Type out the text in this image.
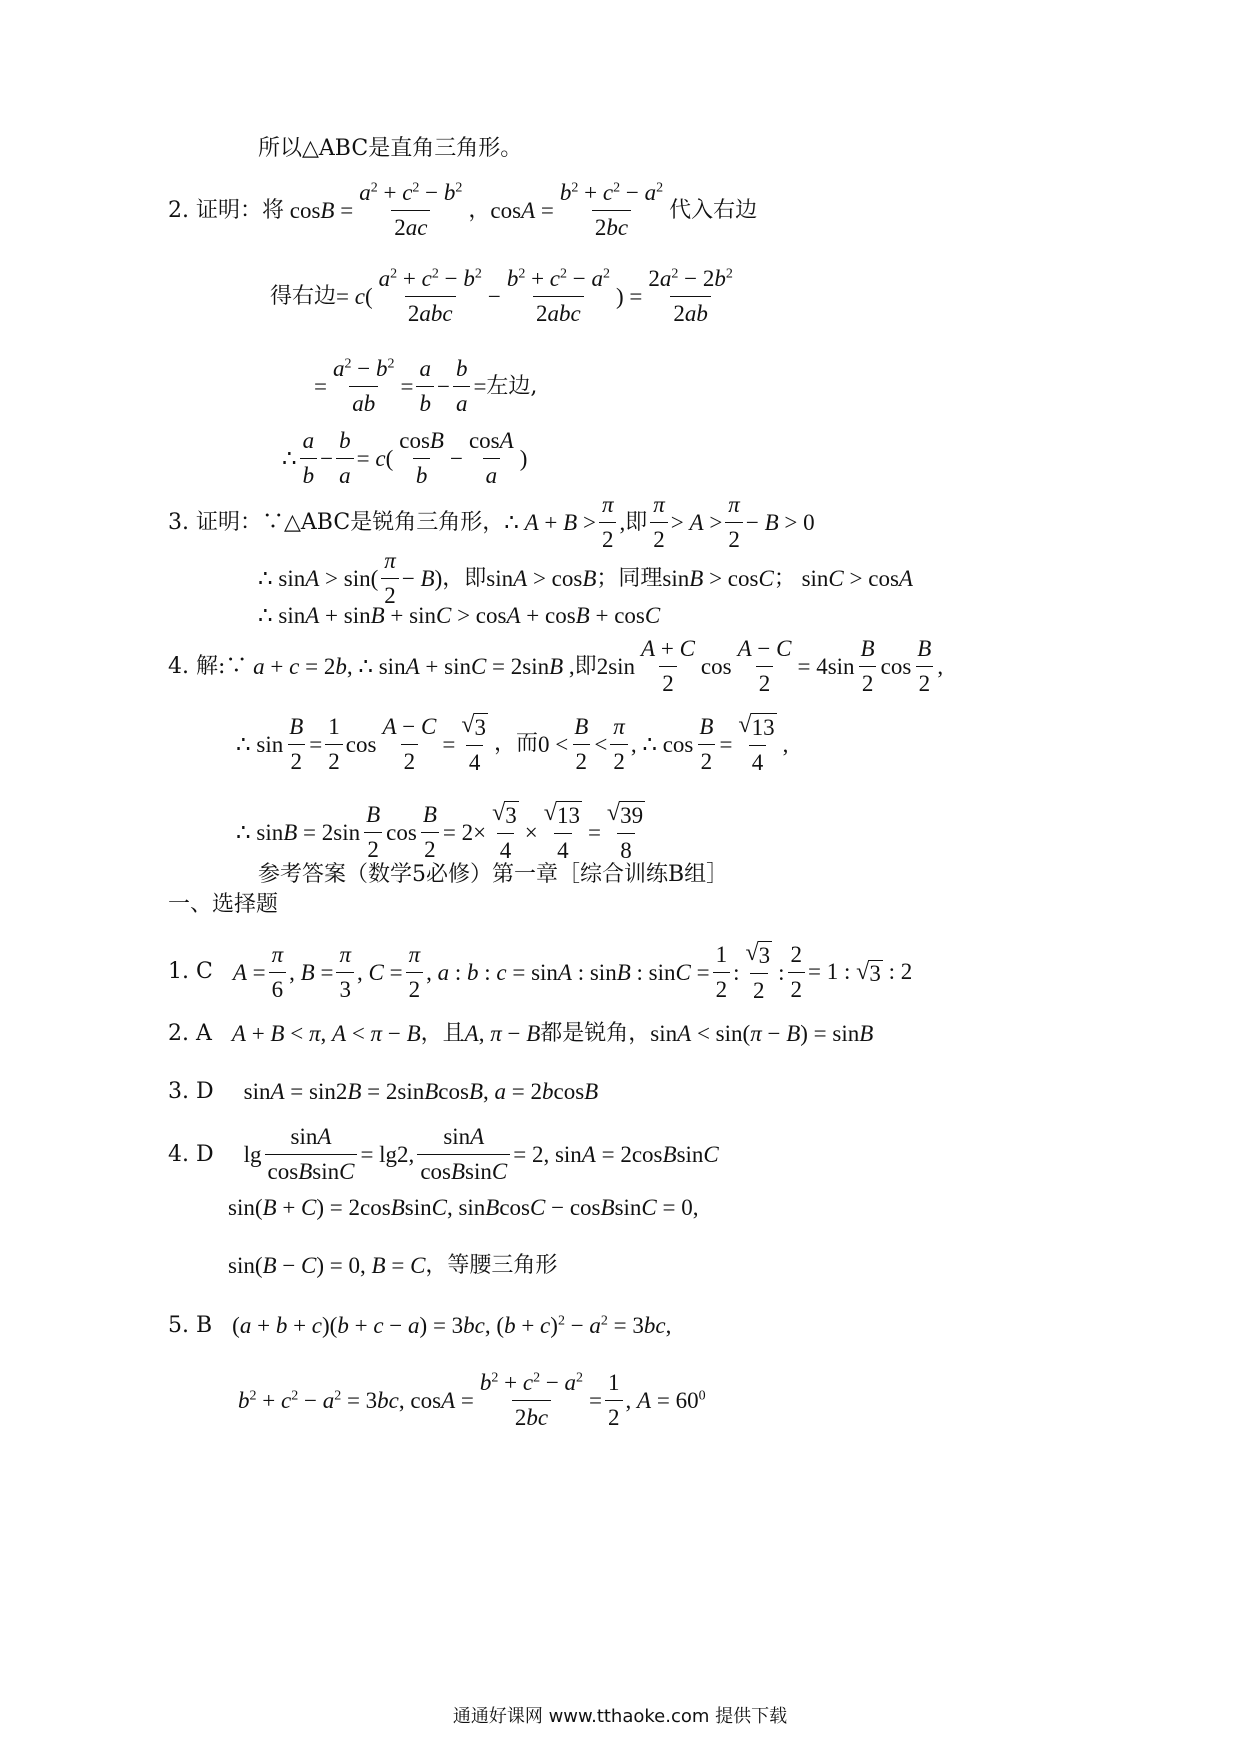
所以△ABC是直角三角形。
2. 证明：将 $\cos B = \frac{a^2 + c^2 - b^2}{2ac}$ ， $\cos A = \frac{b^2 + c^2 - a^2}{2bc}$ 代入右边
得右边 = $c( \frac{a^2 + c^2 - b^2}{\text{2abc}} - \frac{b^2 + c^2 - a^2}{\text{2abc}}$ ) = $\frac{2a^2 - 2b^2}{2ab}$
= $\frac{a^2 - b^2}{ab} = \frac{a}{b} - \frac{b}{a}$ = 左边,
∴ $\frac{a}{b} - \frac{b}{a} = c( \frac{\cos B}{b} - \frac{\cos A}{a}$ )
3. 证明：∵△ABC是锐角三角形， ∴ $A + B > \frac{\pi}{2}$ , 即 $\frac{\pi}{2} > A > \frac{\pi}{2} - B > 0$
∴ $\sin A > \sin( \frac{\pi}{2} - B)$ ，即 sinA > cosB ；同理 sinB > cosC ； sinC > cosA
∴ sinA + sinB + sinC > cosA + cosB + cosC
4. 解:∵ a + c = 2b, ∴ sinA + sinC = 2sinB , 即 $2\sin \frac{A + C}{2}$ $\cos \frac{A - C}{2} = 4\sin \frac{B}{2}$ $\cos \frac{B}{2}$ ,
∴ $\sin \frac{B}{2} = \frac{1}{2}$ $\cos \frac{A - C}{2} = \frac{√ 3}{4}$ ，而 $0 < \frac{B}{2} < \frac{\pi}{2}$ , ∴ $\cos \frac{B}{2} = \frac{√ 13}{4}$ ,
∴ $\sin B = 2\sin \frac{B}{2}$ $\cos \frac{B}{2} = 2\times \frac{√ 3}{4} \times \frac{√ 13}{4} = \frac{√ 39}{8}$
参考答案（数学5必修）第一章［综合训练B组］
一、选择题
1. C $A = \frac{\pi}{6}$ , $B = \frac{\pi}{3}$ , $C = \frac{\pi}{2}$ , a : b : c = sinA : sinB : $\sin C = \frac{1}{2}$ : $\frac{√ 3}{2}$ : $\frac{2}{2} = 1$ : √ 3 : 2
2. A A + B < π, A < π − B ，且 A, π − B 都是锐角， sinA < sin(π − B) = sinB
3. D sinA = sin2B = 2sinBcosB, a = 2bcosB
4. D $\lg \frac{\sin A}{\text{cosBsinC}} = \lg 2$, $\frac{\sin A}{\text{cosBsinC}} = 2$, sinA = 2cosBsinC
sin(B + C) = 2cosBsinC, sinBcosC − cosBsinC = 0,
sin(B − C) = 0, B = C ，等腰三角形
5. B (a + b + c)(b + c − a) = 3bc, $(b + c)^2 - a^2 = 3bc$,
$b^2 + c^2 - a^2 = 3bc$, $\cos A = \frac{b^2 + c^2 - a^2}{2bc} = \frac{1}{2}$ , $A = 60^0$
通通好课网 www.tthaoke.com 提供下载
